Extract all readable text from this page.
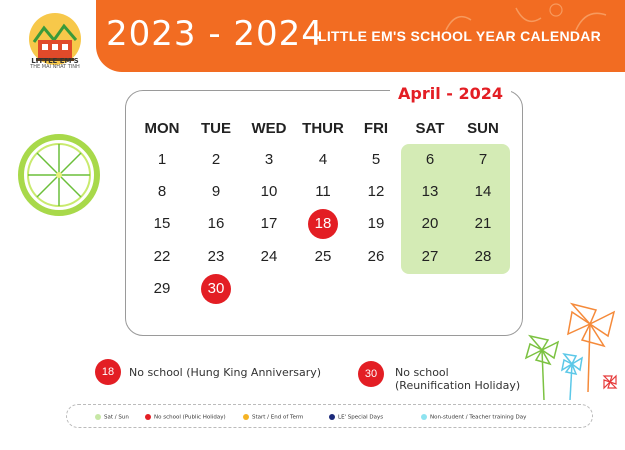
LITTLE EM'S
THE MAI NHAT TINH
2023 - 2024
LITTLE EM'S SCHOOL YEAR CALENDAR
April - 2024
MON	TUE	WED	THUR	FRI	SAT	SUN
1	2	3	4	5	6	7
8	9	10	11	12	13	14
15	16	17	18	19	20	21
22	23	24	25	26	27	28
29	30
18	No school (Hung King Anniversary)	30	No school
(Reunification Holiday)
Sat / Sun	No school (Public Holiday)	Start / End of Term	LE' Special Days	Non-student / Teacher training Day
